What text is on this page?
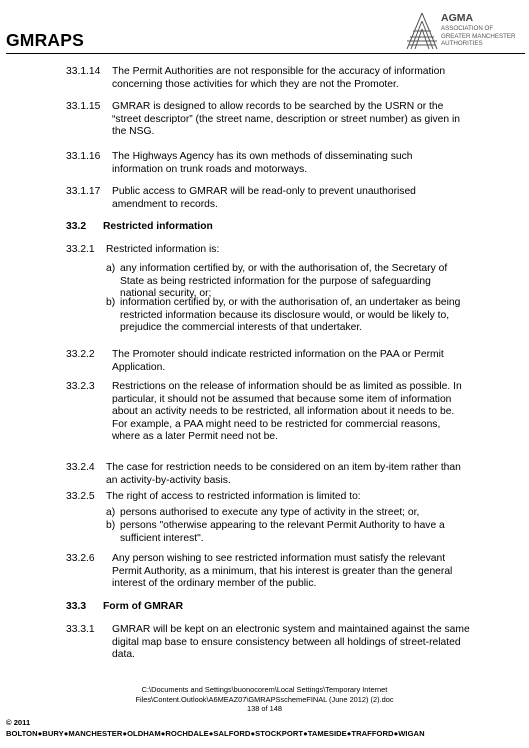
GMRAPS
AGMA
ASSOCIATION OF
GREATER MANCHESTER
AUTHORITIES
33.1.14 The Permit Authorities are not responsible for the accuracy of information concerning those activities for which they are not the Promoter.
33.1.15 GMRAR is designed to allow records to be searched by the USRN or the “street descriptor” (the street name, description or street number) as given in the NSG.
33.1.16 The Highways Agency has its own methods of disseminating such information on trunk roads and motorways.
33.1.17 Public access to GMRAR will be read-only to prevent unauthorised amendment to records.
33.2 Restricted information
33.2.1 Restricted information is:
a) any information certified by, or with the authorisation of, the Secretary of State as being restricted information for the purpose of safeguarding national security, or;
b) information certified by, or with the authorisation of, an undertaker as being restricted information because its disclosure would, or would be likely to, prejudice the commercial interests of that undertaker.
33.2.2 The Promoter should indicate restricted information on the PAA or Permit Application.
33.2.3 Restrictions on the release of information should be as limited as possible. In particular, it should not be assumed that because some item of information about an activity needs to be restricted, all information about it needs to be. For example, a PAA might need to be restricted for commercial reasons, where as a later Permit need not be.
33.2.4 The case for restriction needs to be considered on an item by-item rather than an activity-by-activity basis.
33.2.5 The right of access to restricted information is limited to:
a) persons authorised to execute any type of activity in the street; or,
b) persons "otherwise appearing to the relevant Permit Authority to have a sufficient interest".
33.2.6 Any person wishing to see restricted information must satisfy the relevant Permit Authority, as a minimum, that his interest is greater than the general interest of the ordinary member of the public.
33.3 Form of GMRAR
33.3.1 GMRAR will be kept on an electronic system and maintained against the same digital map base to ensure consistency between all holdings of street-related data.
C:\Documents and Settings\buonocorem\Local Settings\Temporary Internet
Files\Content.Outlook\A6MEAZ07\GMRAPSschemeFINAL (June 2012) (2).doc
138 of 148
© 2011
BOLTON●BURY●MANCHESTER●OLDHAM●ROCHDALE●SALFORD●STOCKPORT●TAMESIDE●TRAFFORD●WIGAN
